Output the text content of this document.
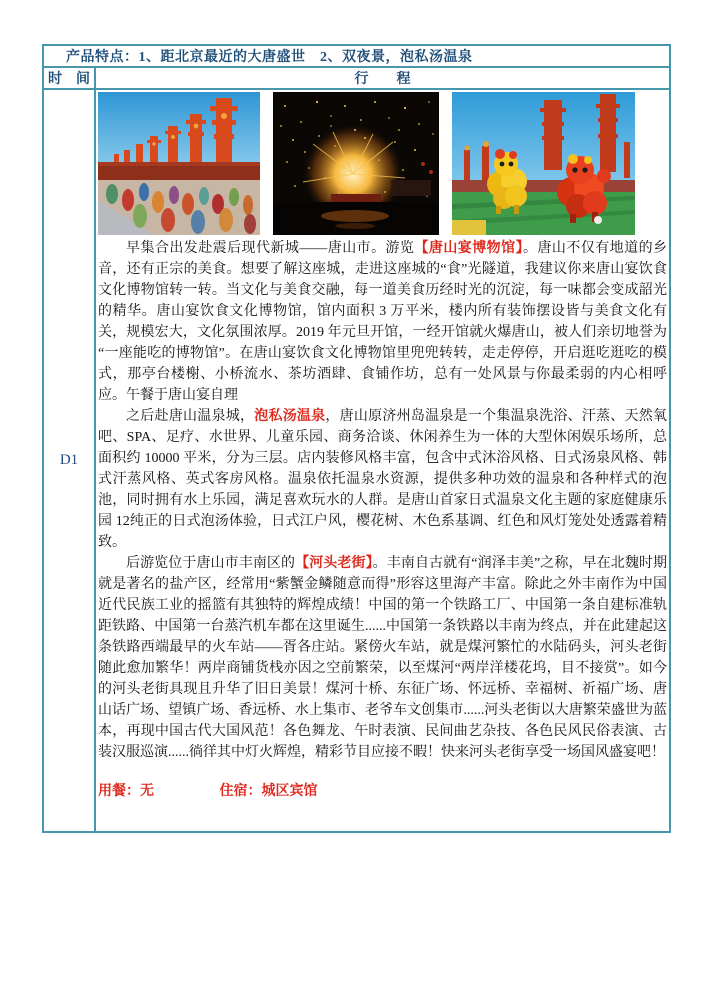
产品特点：1、距北京最近的大唐盛世　2、双夜景，泡私汤温泉
时　间	行　　程
D1

早集合出发赴震后现代新城——唐山市。游览【唐山宴博物馆】。唐山不仅有地道的乡音，还有正宗的美食。想要了解这座城，走进这座城的“食”光隧道，我建议你来唐山宴饮食文化博物馆转一转。当文化与美食交融，每一道美食历经时光的沉淀，每一味都会变成韶光的精华。唐山宴饮食文化博物馆，馆内面积 3 万平米，楼内所有装饰摆设皆与美食文化有关，规模宏大，文化氛围浓厚。2019 年元旦开馆，一经开馆就火爆唐山，被人们亲切地誉为“一座能吃的博物馆”。在唐山宴饮食文化博物馆里兜兜转转，走走停停，开启逛吃逛吃的模式，那亭台楼榭、小桥流水、茶坊酒肆、食铺作坊，总有一处风景与你最柔弱的内心相呼应。午餐于唐山宴自理

之后赴唐山温泉城，泡私汤温泉，唐山原济州岛温泉是一个集温泉洗浴、汗蒸、天然氧吧、SPA、足疗、水世界、儿童乐园、商务洽谈、休闲养生为一体的大型休闲娱乐场所，总面积约 10000 平米，分为三层。店内装修风格丰富，包含中式沐浴风格、日式汤泉风格、韩式汗蒸风格、英式客房风格。温泉依托温泉水资源，提供多种功效的温泉和各种样式的泡池，同时拥有水上乐园，满足喜欢玩水的人群。是唐山首家日式温泉文化主题的家庭健康乐园 12纯正的日式泡汤体验，日式江户风，樱花树、木色系基调、红色和风灯笼处处透露着精致。

后游览位于唐山市丰南区的【河头老街】。丰南自古就有“润泽丰美”之称，早在北魏时期就是著名的盐产区，经常用“紫蟹金鳞随意而得”形容这里海产丰富。除此之外丰南作为中国近代民族工业的摇篮有其独特的辉煌成绩！中国的第一个铁路工厂、中国第一条自建标准轨距铁路、中国第一台蒸汽机车都在这里诞生......中国第一条铁路以丰南为终点，并在此建起这条铁路西端最早的火车站——胥各庄站。紧傍火车站，就是煤河繁忙的水陆码头，河头老街随此愈加繁华！两岸商铺货栈亦因之空前繁荣，以至煤河“两岸洋楼花坞，目不接赏”。如今的河头老街具现且升华了旧日美景！煤河十桥、东征广场、怀远桥、幸福树、祈福广场、唐山话广场、望镇广场、香远桥、水上集市、老爷车文创集市......河头老街以大唐繁荣盛世为蓝本，再现中国古代大国风范！各色舞龙、午时表演、民间曲艺杂技、各色民风民俗表演、古装汉服巡演......徜徉其中灯火辉煌，精彩节目应接不暇！快来河头老街享受一场国风盛宴吧！

用餐：无	住宿：城区宾馆
